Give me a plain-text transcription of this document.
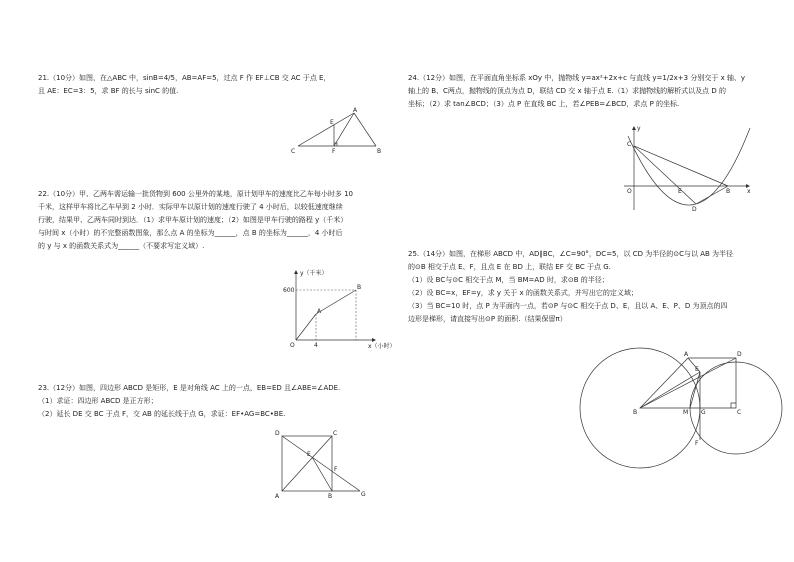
21.（10分）如图，在△ABC 中，sinB=4/5，AB=AF=5，过点 F 作 EF⊥CB 交 AC 于点 E，
且 AE：EC=3：5，求 BF 的长与 sinC 的值.
A
B
C
E
F
22.（10分）甲、乙两车需运输一批货物到 600 公里外的某地，原计划甲车的速度比乙车每小时多 10
千米，这样甲车将比乙车早到 2 小时．实际甲车以原计划的速度行驶了 4 小时后，以较低速度继续
行驶，结果甲、乙两车同时到达．（1）求甲车原计划的速度；（2）如图是甲车行驶的路程 y（千米）
与时间 x（小时）的不完整函数图象，那么点 A 的坐标为______，点 B 的坐标为______，4 小时后
的 y 与 x 的函数关系式为______（不要求写定义域）.
y（千米）
x（小时）
600
4
O
A
B
23.（12分）如图，四边形 ABCD 是矩形，E 是对角线 AC 上的一点，EB=ED 且∠ABE=∠ADE.
（1）求证：四边形 ABCD 是正方形；
（2）延长 DE 交 BC 于点 F，交 AB 的延长线于点 G，求证：EF•AG=BC•BE.
D	C
A	B
E
F
G
24.（12分）如图，在平面直角坐标系 xOy 中，抛物线 y=ax²+2x+c 与直线 y=1/2x+3 分别交于 x 轴、y
轴上的 B、C两点，抛物线的顶点为点 D，联结 CD 交 x 轴于点 E.（1）求抛物线的解析式以及点 D 的
坐标；（2）求 tan∠BCD；（3）点 P 在直线 BC 上，若∠PEB=∠BCD，求点 P 的坐标.
y
x
O
C
E	B
D
25.（14分）如图，在梯形 ABCD 中，AD∥BC，∠C=90°，DC=5，以 CD 为半径的⊙C与以 AB 为半径
的⊙B 相交于点 E、F，且点 E 在 BD 上，联结 EF 交 BC 于点 G.
（1）设 BC与⊙C 相交于点 M，当 BM=AD 时，求⊙B 的半径；
（2）设 BC=x，EF=y，求 y 关于 x 的函数关系式，并写出它的定义域；
（3）当 BC=10 时，点 P 为平面内一点，若⊙P 与⊙C 相交于点 D、E，且以 A、E、P、D 为顶点的四
边形是梯形，请直接写出⊙P 的面积.（结果保留π）
A	D
B	C
E
F
G
M
